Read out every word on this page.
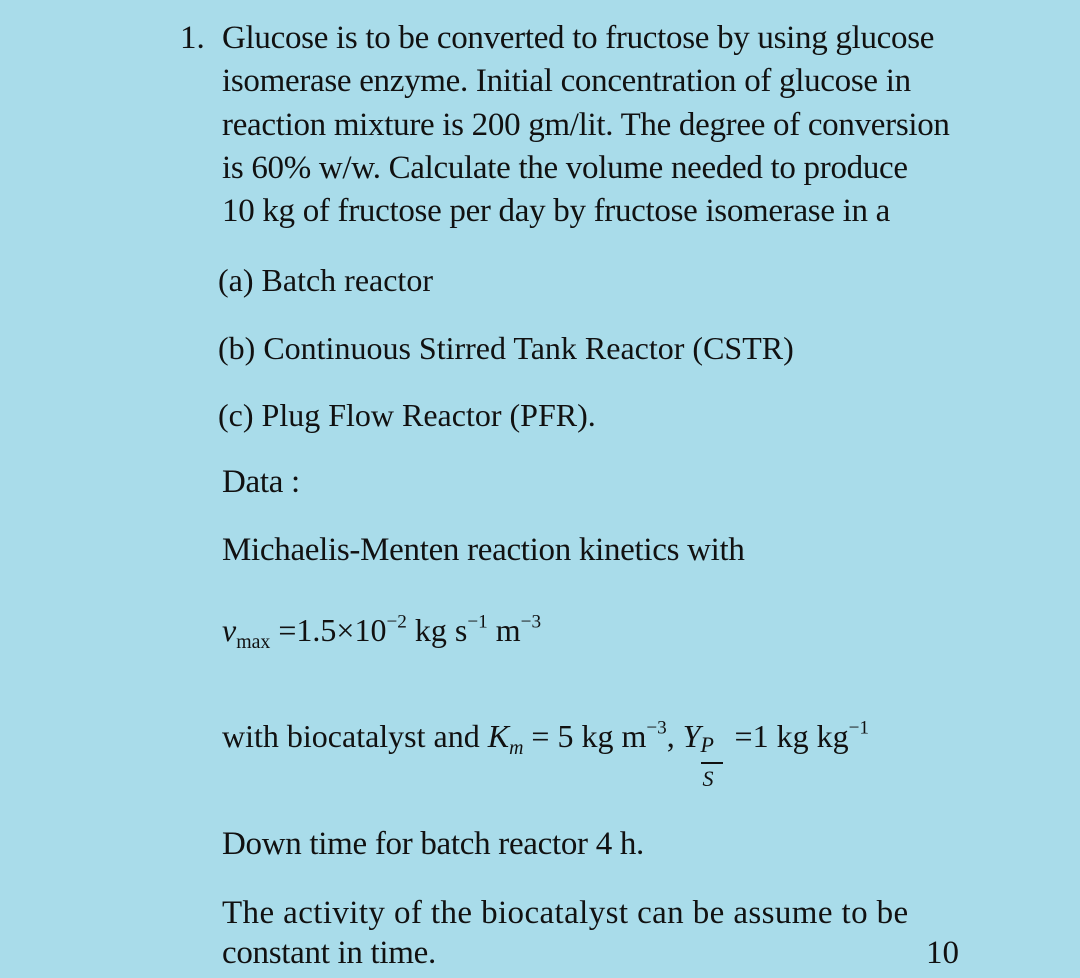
1. Glucose is to be converted to fructose by using glucose
isomerase enzyme. Initial concentration of glucose in
reaction mixture is 200 gm/lit. The degree of conversion
is 60% w/w. Calculate the volume needed to produce
10 kg of fructose per day by fructose isomerase in a
(a) Batch reactor
(b) Continuous Stirred Tank Reactor (CSTR)
(c) Plug Flow Reactor (PFR).
Data :
Michaelis-Menten reaction kinetics with
$v_{max} =1.5\times 10^{-2}$ kg $s^{-1}$ $m^{-3}$
with biocatalyst and $K_m = 5$ kg $m^{-3}$, Y $\frac{P}{S} =1$ kg $kg^{-1}$
Down time for batch reactor 4 h.
The activity of the biocatalyst can be assume to be
constant in time.	10
